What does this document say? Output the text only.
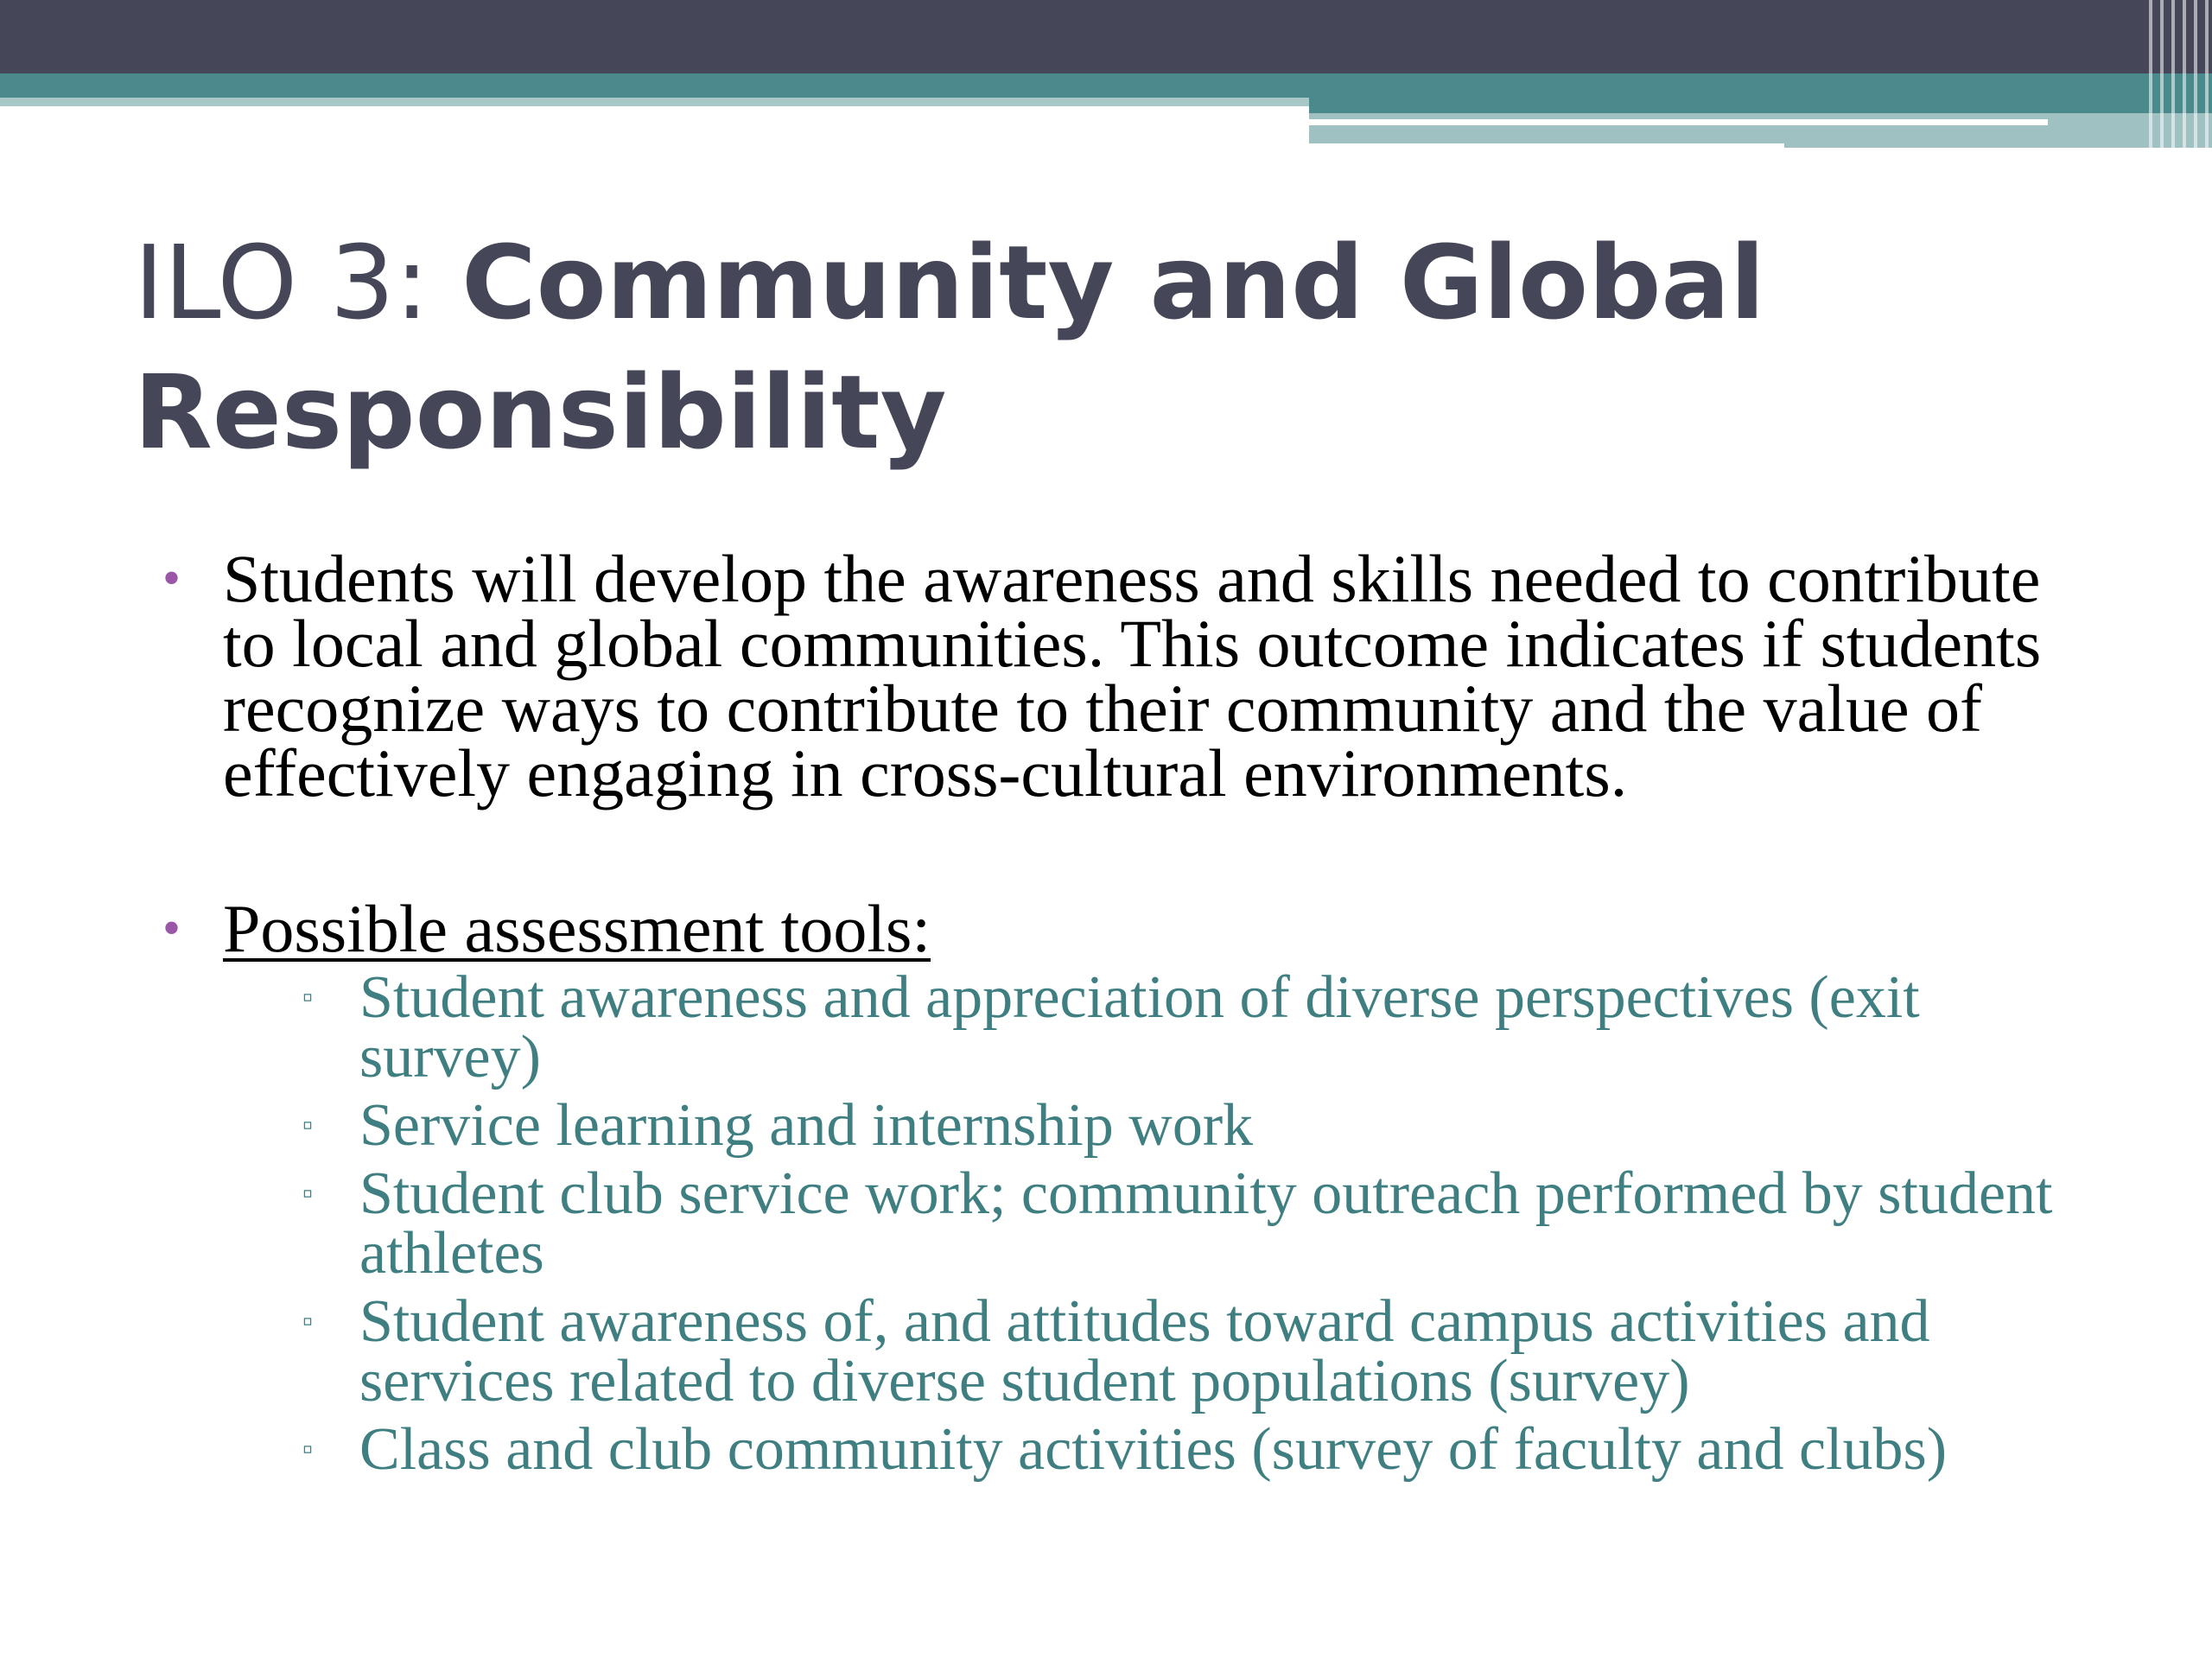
ILO 3: Community and Global Responsibility
• Students will develop the awareness and skills needed to contribute to local and global communities. This outcome indicates if students recognize ways to contribute to their community and the value of effectively engaging in cross-cultural environments.
• Possible assessment tools:
▫ Student awareness and appreciation of diverse perspectives (exit survey)
▫ Service learning and internship work
▫ Student club service work; community outreach performed by student athletes
▫ Student awareness of, and attitudes toward campus activities and services related to diverse student populations (survey)
▫ Class and club community activities (survey of faculty and clubs)
